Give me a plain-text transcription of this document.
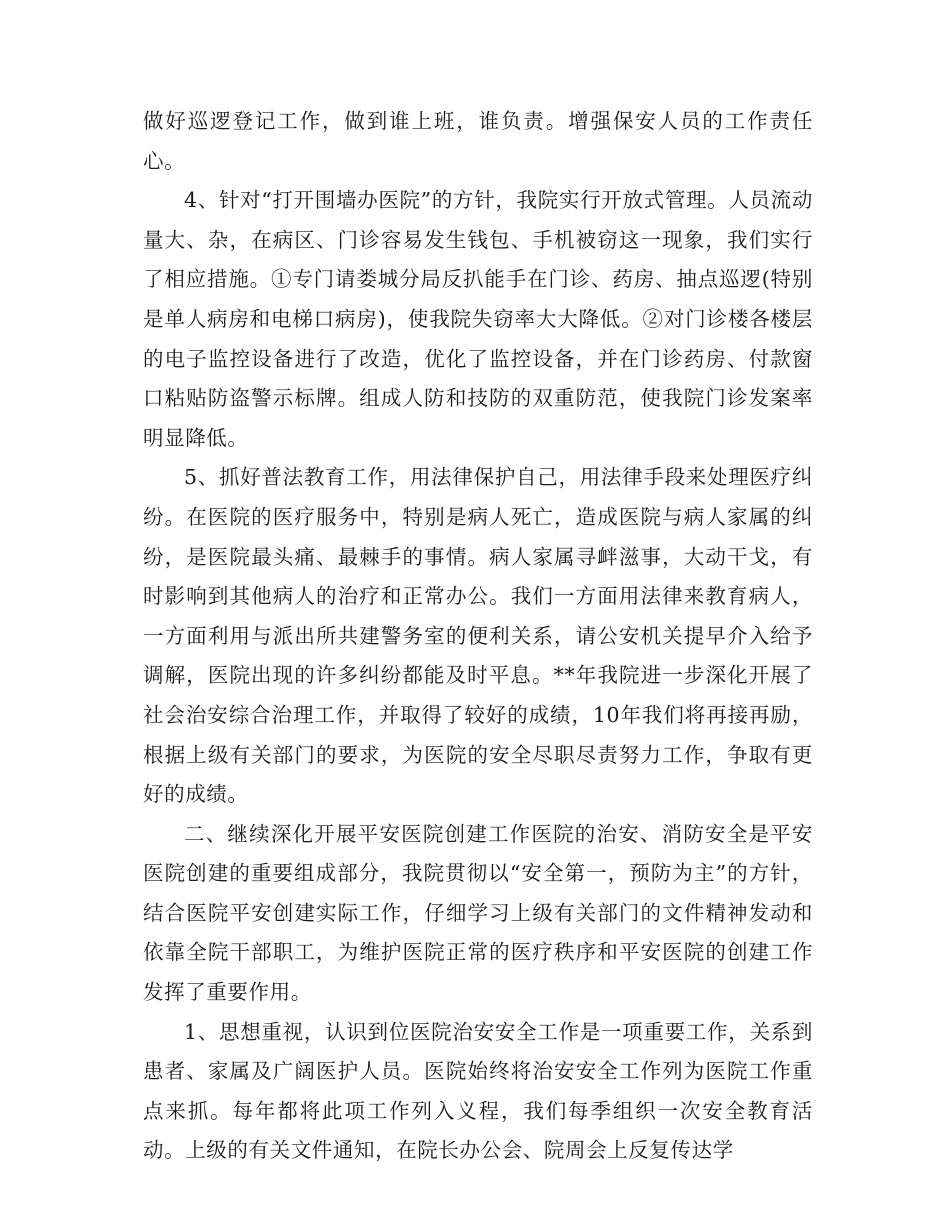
做好巡逻登记工作，做到谁上班，谁负责。增强保安人员的工作责任心。

4、针对“打开围墙办医院”的方针，我院实行开放式管理。人员流动量大、杂，在病区、门诊容易发生钱包、手机被窃这一现象，我们实行了相应措施。①专门请娄城分局反扒能手在门诊、药房、抽点巡逻(特别是单人病房和电梯口病房)，使我院失窃率大大降低。②对门诊楼各楼层的电子监控设备进行了改造，优化了监控设备，并在门诊药房、付款窗口粘贴防盗警示标牌。组成人防和技防的双重防范，使我院门诊发案率明显降低。

5、抓好普法教育工作，用法律保护自己，用法律手段来处理医疗纠纷。在医院的医疗服务中，特别是病人死亡，造成医院与病人家属的纠纷，是医院最头痛、最棘手的事情。病人家属寻衅滋事，大动干戈，有时影响到其他病人的治疗和正常办公。我们一方面用法律来教育病人，一方面利用与派出所共建警务室的便利关系，请公安机关提早介入给予调解，医院出现的许多纠纷都能及时平息。**年我院进一步深化开展了社会治安综合治理工作，并取得了较好的成绩，10年我们将再接再励，根据上级有关部门的要求，为医院的安全尽职尽责努力工作，争取有更好的成绩。

二、继续深化开展平安医院创建工作医院的治安、消防安全是平安医院创建的重要组成部分，我院贯彻以“安全第一，预防为主”的方针，结合医院平安创建实际工作，仔细学习上级有关部门的文件精神发动和依靠全院干部职工，为维护医院正常的医疗秩序和平安医院的创建工作发挥了重要作用。

1、思想重视，认识到位医院治安安全工作是一项重要工作，关系到患者、家属及广阔医护人员。医院始终将治安安全工作列为医院工作重点来抓。每年都将此项工作列入义程，我们每季组织一次安全教育活动。上级的有关文件通知，在院长办公会、院周会上反复传达学
